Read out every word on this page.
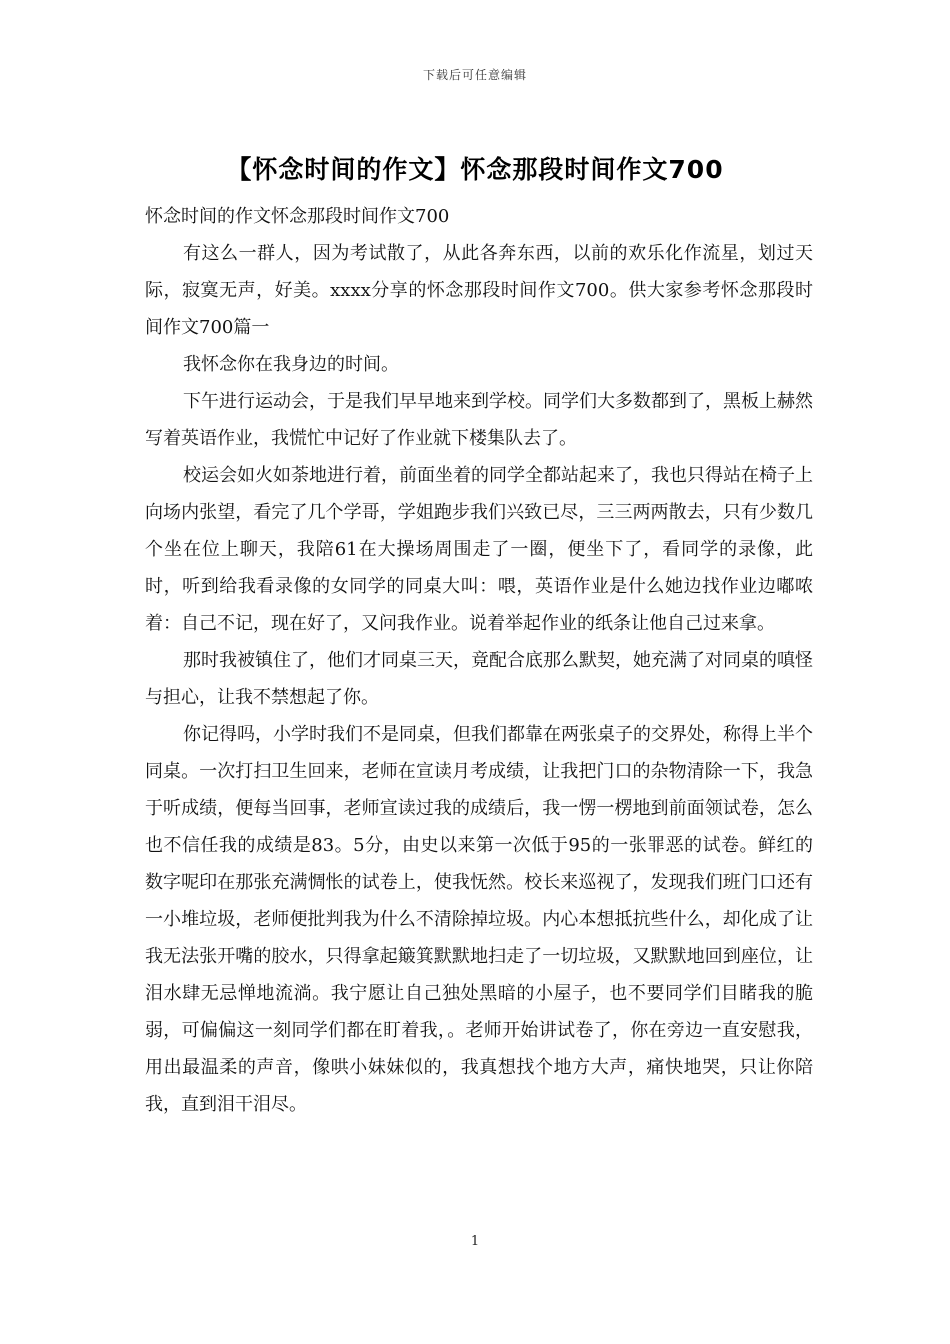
下载后可任意编辑
【怀念时间的作文】怀念那段时间作文700

怀念时间的作文怀念那段时间作文700

有这么一群人，因为考试散了，从此各奔东西，以前的欢乐化作流星，划过天际，寂寞无声，好美。xxxx分享的怀念那段时间作文700。供大家参考怀念那段时间作文700篇一

我怀念你在我身边的时间。

下午进行运动会，于是我们早早地来到学校。同学们大多数都到了，黑板上赫然写着英语作业，我慌忙中记好了作业就下楼集队去了。

校运会如火如荼地进行着，前面坐着的同学全都站起来了，我也只得站在椅子上向场内张望，看完了几个学哥，学姐跑步我们兴致已尽，三三两两散去，只有少数几个坐在位上聊天，我陪61在大操场周围走了一圈，便坐下了，看同学的录像，此时，听到给我看录像的女同学的同桌大叫：喂，英语作业是什么她边找作业边嘟哝着：自己不记，现在好了，又问我作业。说着举起作业的纸条让他自己过来拿。

那时我被镇住了，他们才同桌三天，竟配合底那么默契，她充满了对同桌的嗔怪与担心，让我不禁想起了你。

你记得吗，小学时我们不是同桌，但我们都靠在两张桌子的交界处，称得上半个同桌。一次打扫卫生回来，老师在宣读月考成绩，让我把门口的杂物清除一下，我急于听成绩，便每当回事，老师宣读过我的成绩后，我一愣一楞地到前面领试卷，怎么也不信任我的成绩是83。5分，由史以来第一次低于95的一张罪恶的试卷。鲜红的数字呢印在那张充满惆怅的试卷上，使我怃然。校长来巡视了，发现我们班门口还有一小堆垃圾，老师便批判我为什么不清除掉垃圾。内心本想抵抗些什么，却化成了让我无法张开嘴的胶水，只得拿起簸箕默默地扫走了一切垃圾，又默默地回到座位，让泪水肆无忌惮地流淌。我宁愿让自己独处黑暗的小屋子，也不要同学们目睹我的脆弱，可偏偏这一刻同学们都在盯着我，。老师开始讲试卷了，你在旁边一直安慰我，用出最温柔的声音，像哄小妹妹似的，我真想找个地方大声，痛快地哭，只让你陪我，直到泪干泪尽。

1
